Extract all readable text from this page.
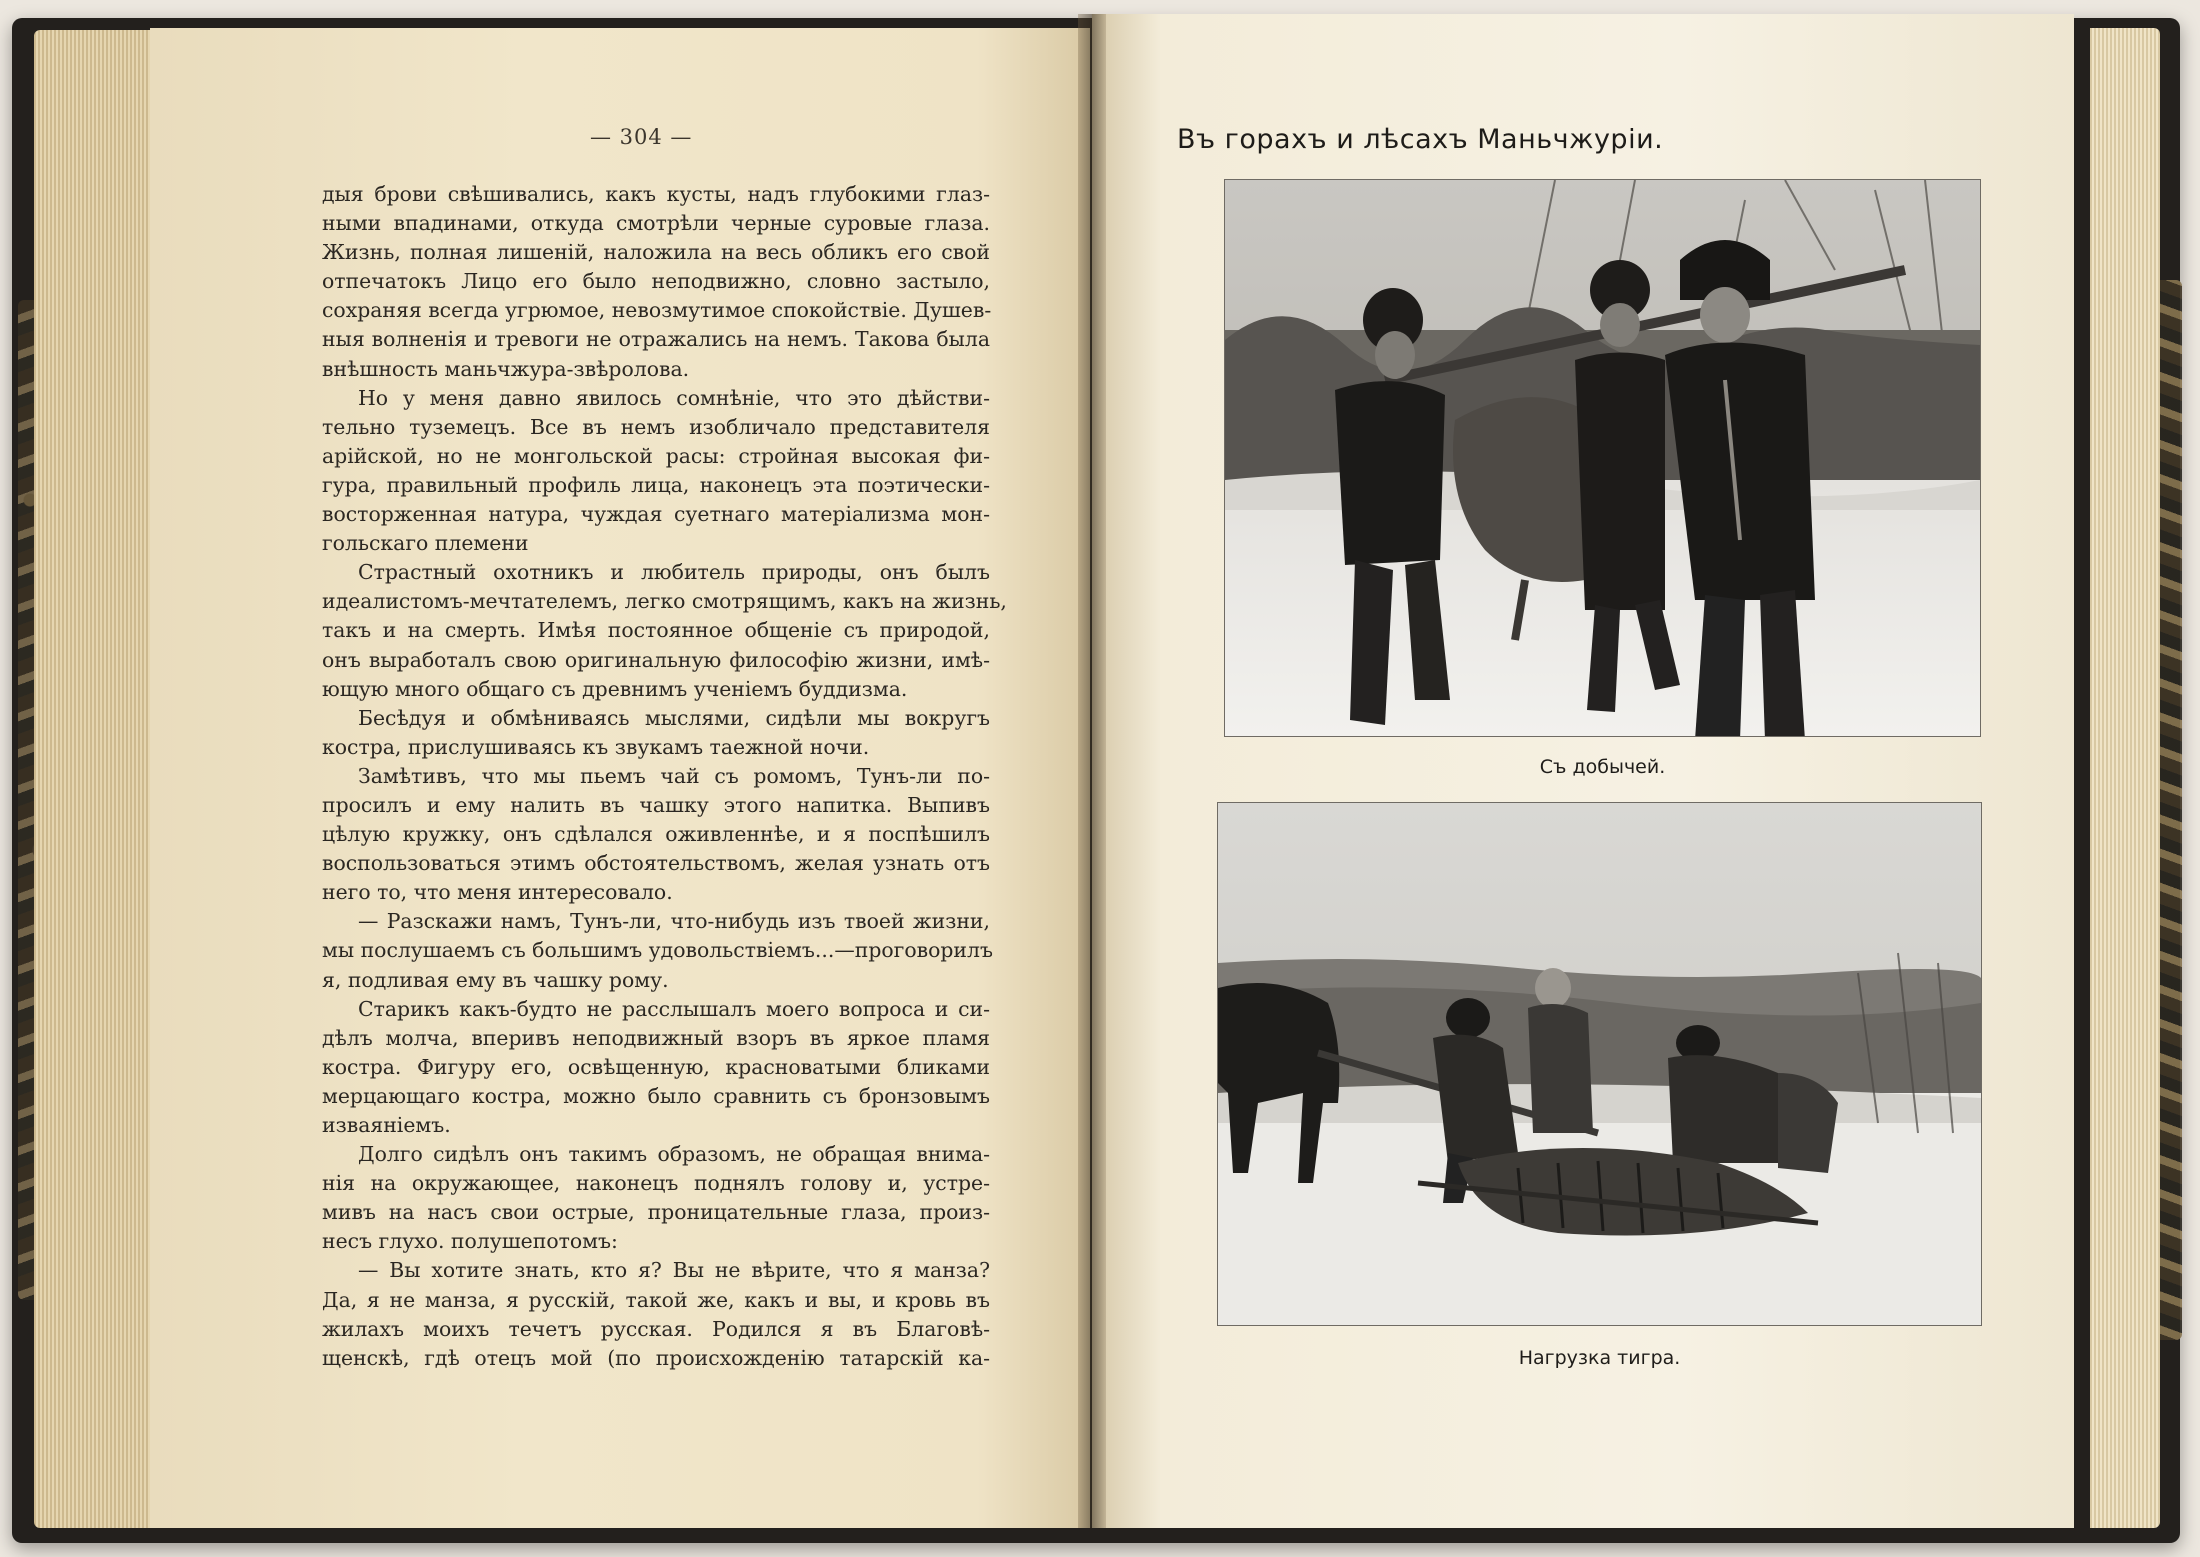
— 304 —
дыя брови свѣшивались, какъ кусты, надъ глубокими глаз-
ными впадинами, откуда смотрѣли черные суровые глаза.
Жизнь, полная лишеній, наложила на весь обликъ его свой
отпечатокъ Лицо его было неподвижно, словно застыло,
сохраняя всегда угрюмое, невозмутимое спокойствіе. Душев-
ныя волненія и тревоги не отражались на немъ. Такова была
внѣшность маньчжура-звѣролова.
Но у меня давно явилось сомнѣніе, что это дѣйстви-
тельно туземецъ. Все въ немъ изобличало представителя
арійской, но не монгольской расы: стройная высокая фи-
гура, правильный профиль лица, наконецъ эта поэтически-
восторженная натура, чуждая суетнаго матеріализма мон-
гольскаго племени
Страстный охотникъ и любитель природы, онъ былъ
идеалистомъ-мечтателемъ, легко смотрящимъ, какъ на жизнь,
такъ и на смерть. Имѣя постоянное общеніе съ природой,
онъ выработалъ свою оригинальную философію жизни, имѣ-
ющую много общаго съ древнимъ ученіемъ буддизма.
Бесѣдуя и обмѣниваясь мыслями, сидѣли мы вокругъ
костра, прислушиваясь къ звукамъ таежной ночи.
Замѣтивъ, что мы пьемъ чай съ ромомъ, Тунъ-ли по-
просилъ и ему налить въ чашку этого напитка. Выпивъ
цѣлую кружку, онъ сдѣлался оживленнѣе, и я поспѣшилъ
воспользоваться этимъ обстоятельствомъ, желая узнать отъ
него то, что меня интересовало.
— Разскажи намъ, Тунъ-ли, что-нибудь изъ твоей жизни,
мы послушаемъ съ большимъ удовольствіемъ...—проговорилъ
я, подливая ему въ чашку рому.
Старикъ какъ-будто не расслышалъ моего вопроса и си-
дѣлъ молча, вперивъ неподвижный взоръ въ яркое пламя
костра. Фигуру его, освѣщенную, красноватыми бликами
мерцающаго костра, можно было сравнить съ бронзовымъ
изваяніемъ.
Долго сидѣлъ онъ такимъ образомъ, не обращая внима-
нія на окружающее, наконецъ поднялъ голову и, устре-
мивъ на насъ свои острые, проницательные глаза, произ-
несъ глухо. полушепотомъ:
— Вы хотите знать, кто я? Вы не вѣрите, что я манза?
Да, я не манза, я русскій, такой же, какъ и вы, и кровь въ
жилахъ моихъ течетъ русская. Родился я въ Благовѣ-
щенскѣ, гдѣ отецъ мой (по происхожденію татарскій ка-
Въ горахъ и лѣсахъ Маньчжуріи.
Съ добычей.
Нагрузка тигра.
